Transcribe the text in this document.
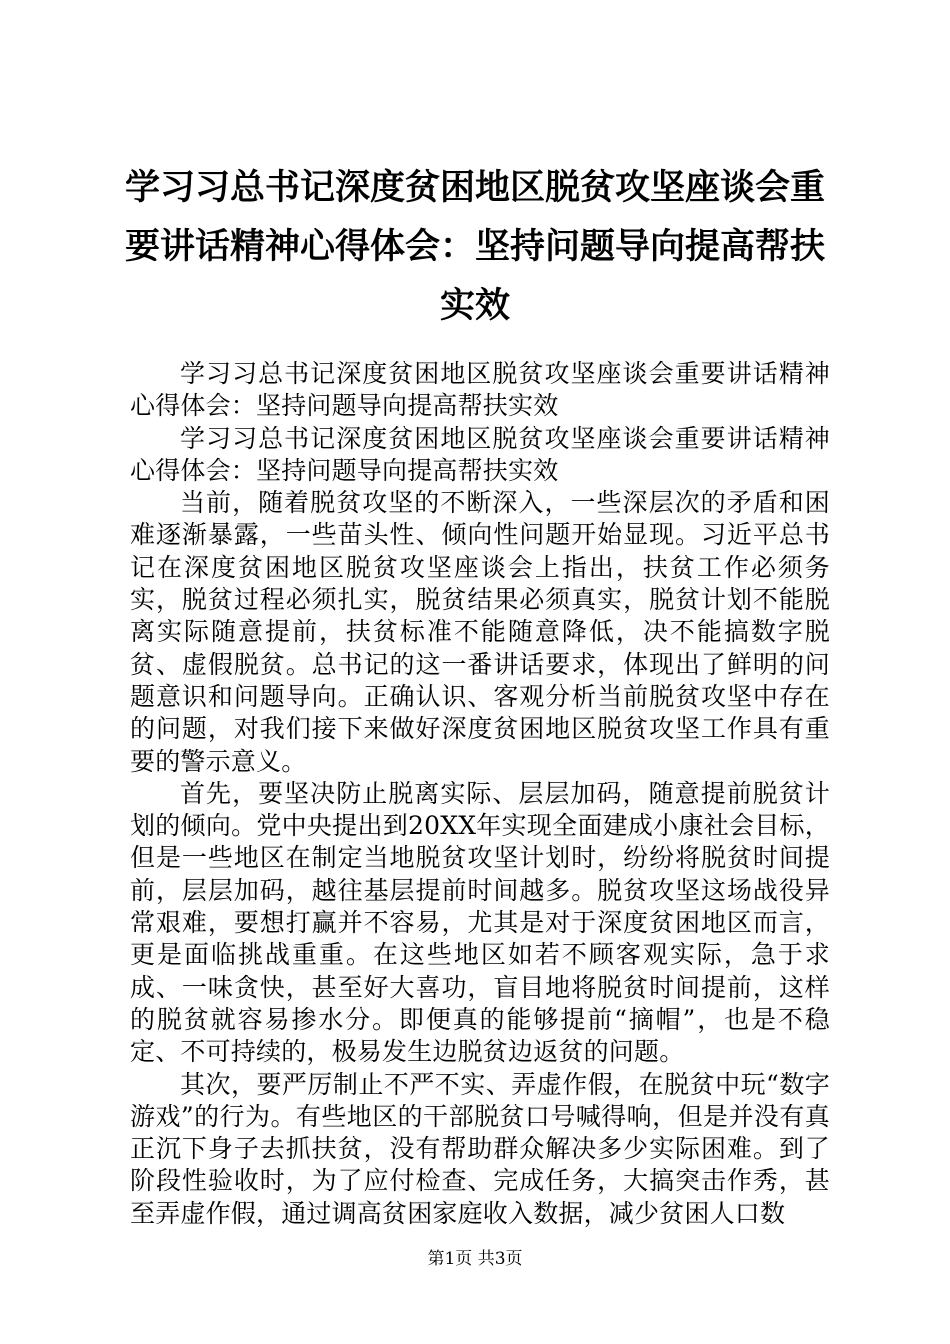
学习习总书记深度贫困地区脱贫攻坚座谈会重要讲话精神心得体会：坚持问题导向提高帮扶实效

学习习总书记深度贫困地区脱贫攻坚座谈会重要讲话精神心得体会：坚持问题导向提高帮扶实效

学习习总书记深度贫困地区脱贫攻坚座谈会重要讲话精神心得体会：坚持问题导向提高帮扶实效

当前，随着脱贫攻坚的不断深入，一些深层次的矛盾和困难逐渐暴露，一些苗头性、倾向性问题开始显现。习近平总书记在深度贫困地区脱贫攻坚座谈会上指出，扶贫工作必须务实，脱贫过程必须扎实，脱贫结果必须真实，脱贫计划不能脱离实际随意提前，扶贫标准不能随意降低，决不能搞数字脱贫、虚假脱贫。总书记的这一番讲话要求，体现出了鲜明的问题意识和问题导向。正确认识、客观分析当前脱贫攻坚中存在的问题，对我们接下来做好深度贫困地区脱贫攻坚工作具有重要的警示意义。

首先，要坚决防止脱离实际、层层加码，随意提前脱贫计划的倾向。党中央提出到20XX年实现全面建成小康社会目标，但是一些地区在制定当地脱贫攻坚计划时，纷纷将脱贫时间提前，层层加码，越往基层提前时间越多。脱贫攻坚这场战役异常艰难，要想打赢并不容易，尤其是对于深度贫困地区而言，更是面临挑战重重。在这些地区如若不顾客观实际，急于求成、一味贪快，甚至好大喜功，盲目地将脱贫时间提前，这样的脱贫就容易掺水分。即便真的能够提前“摘帽”，也是不稳定、不可持续的，极易发生边脱贫边返贫的问题。

其次，要严厉制止不严不实、弄虚作假，在脱贫中玩“数字游戏”的行为。有些地区的干部脱贫口号喊得响，但是并没有真正沉下身子去抓扶贫，没有帮助群众解决多少实际困难。到了阶段性验收时，为了应付检查、完成任务，大搞突击作秀，甚至弄虚作假，通过调高贫困家庭收入数据，减少贫困人口数

第1页 共3页
